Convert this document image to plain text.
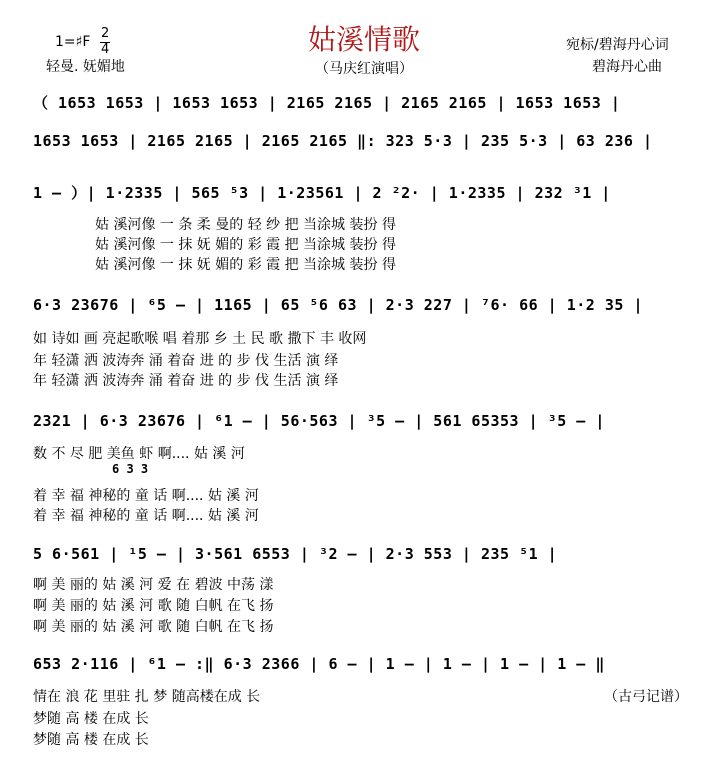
1=♯F
2
4
轻曼. 妩媚地
姑溪情歌
（马庆红演唱）
宛标/碧海丹心词
碧海丹心曲
（ 1653 1653 | 1653 1653 | 2165 2165 | 2165 2165 | 1653 1653 |
1653 1653 | 2165 2165 | 2165 2165 ‖: 323 5·3 | 235 5·3 | 63 236 |
1 – ）| 1·2335 | 565 ⁵3 | 1·23561 | 2 ²2· | 1·2335 | 232 ³1 |
姑 溪河像 一 条 柔 曼的 轻 纱 把 当涂城 装扮 得
姑 溪河像 一 抹 妩 媚的 彩 霞 把 当涂城 装扮 得
姑 溪河像 一 抹 妩 媚的 彩 霞 把 当涂城 装扮 得
6·3 23676 | ⁶5 – | 1165 | 65 ⁵6 63 | 2·3 227 | ⁷6· 66 | 1·2 35 |
如 诗如 画 亮起歌喉 唱 着那 乡 土 民 歌 撒下 丰 收网
年 轻潇 洒 波涛奔 涌 着奋 进 的 步 伐 生活 演 绎
年 轻潇 洒 波涛奔 涌 着奋 进 的 步 伐 生活 演 绎
2321 | 6·3 23676 | ⁶1 – | 56·563 | ³5 – | 561 65353 | ³5 – |
数 不 尽 肥 美鱼 虾 啊.... 姑 溪 河
6 3 3
着 幸 福 神秘的 童 话 啊.... 姑 溪 河
着 幸 福 神秘的 童 话 啊.... 姑 溪 河
5 6·561 | ¹5 – | 3·561 6553 | ³2 – | 2·3 553 | 235 ⁵1 |
啊 美 丽的 姑 溪 河 爱 在 碧波 中荡 漾
啊 美 丽的 姑 溪 河 歌 随 白帆 在飞 扬
啊 美 丽的 姑 溪 河 歌 随 白帆 在飞 扬
653 2·116 | ⁶1 – :‖ 6·3 2366 | 6 – | 1 – | 1 – | 1 – | 1 – ‖
情在 浪 花 里驻 扎 梦 随高楼在成 长
梦随 高 楼 在成 长
梦随 高 楼 在成 长
（古弓记谱）
